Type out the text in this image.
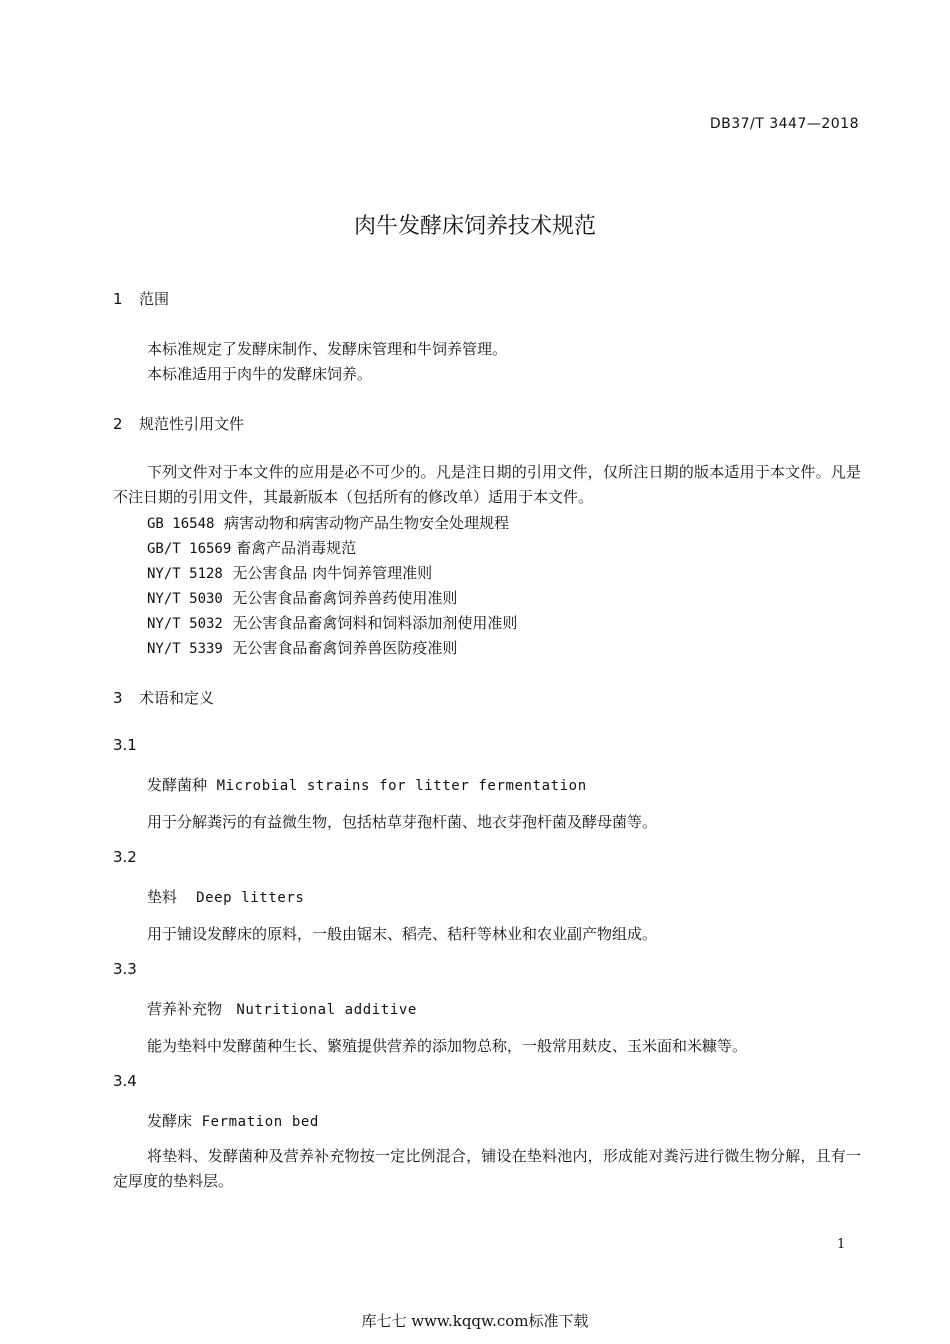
DB37/T 3447—2018
肉牛发酵床饲养技术规范
1 范围
本标准规定了发酵床制作、发酵床管理和牛饲养管理。
本标准适用于肉牛的发酵床饲养。
2 规范性引用文件
下列文件对于本文件的应用是必不可少的。凡是注日期的引用文件，仅所注日期的版本适用于本文件。凡是不注日期的引用文件，其最新版本（包括所有的修改单）适用于本文件。
GB 16548 病害动物和病害动物产品生物安全处理规程
GB/T 16569 畜禽产品消毒规范
NY/T 5128 无公害食品 肉牛饲养管理准则
NY/T 5030 无公害食品畜禽饲养兽药使用准则
NY/T 5032 无公害食品畜禽饲料和饲料添加剂使用准则
NY/T 5339 无公害食品畜禽饲养兽医防疫准则
3 术语和定义
3.1
发酵菌种 Microbial strains for litter fermentation
用于分解粪污的有益微生物，包括枯草芽孢杆菌、地衣芽孢杆菌及酵母菌等。
3.2
垫料 Deep litters
用于铺设发酵床的原料，一般由锯末、稻壳、秸秆等林业和农业副产物组成。
3.3
营养补充物 Nutritional additive
能为垫料中发酵菌种生长、繁殖提供营养的添加物总称，一般常用麸皮、玉米面和米糠等。
3.4
发酵床 Fermation bed
将垫料、发酵菌种及营养补充物按一定比例混合，铺设在垫料池内，形成能对粪污进行微生物分解，且有一定厚度的垫料层。
1
库七七 www.kqqw.com标准下载
